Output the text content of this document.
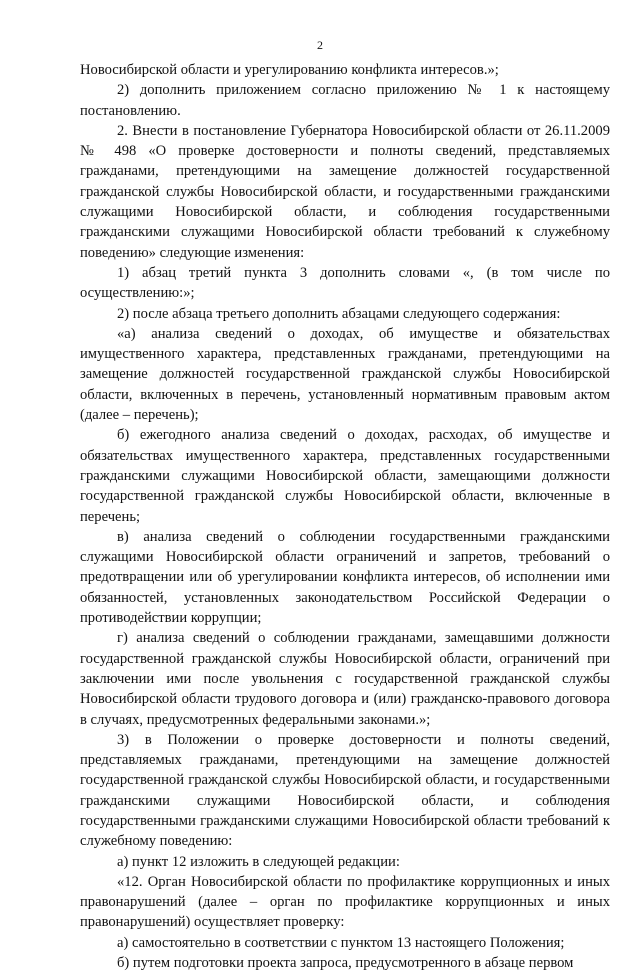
2

Новосибирской области и урегулированию конфликта интересов.»;

2) дополнить приложением согласно приложению № 1 к настоящему постановлению.

2. Внести в постановление Губернатора Новосибирской области от 26.11.2009 № 498 «О проверке достоверности и полноты сведений, представляемых гражданами, претендующими на замещение должностей государственной гражданской службы Новосибирской области, и государственными гражданскими служащими Новосибирской области, и соблюдения государственными гражданскими служащими Новосибирской области требований к служебному поведению» следующие изменения:

1) абзац третий пункта 3 дополнить словами «, (в том числе по осуществлению:»;

2) после абзаца третьего дополнить абзацами следующего содержания:

«а) анализа сведений о доходах, об имуществе и обязательствах имущественного характера, представленных гражданами, претендующими на замещение должностей государственной гражданской службы Новосибирской области, включенных в перечень, установленный нормативным правовым актом (далее – перечень);

б) ежегодного анализа сведений о доходах, расходах, об имуществе и обязательствах имущественного характера, представленных государственными гражданскими служащими Новосибирской области, замещающими должности государственной гражданской службы Новосибирской области, включенные в перечень;

в) анализа сведений о соблюдении государственными гражданскими служащими Новосибирской области ограничений и запретов, требований о предотвращении или об урегулировании конфликта интересов, об исполнении ими обязанностей, установленных законодательством Российской Федерации о противодействии коррупции;

г) анализа сведений о соблюдении гражданами, замещавшими должности государственной гражданской службы Новосибирской области, ограничений при заключении ими после увольнения с государственной гражданской службы Новосибирской области трудового договора и (или) гражданско-правового договора в случаях, предусмотренных федеральными законами.»;

3) в Положении о проверке достоверности и полноты сведений, представляемых гражданами, претендующими на замещение должностей государственной гражданской службы Новосибирской области, и государственными гражданскими служащими Новосибирской области, и соблюдения государственными гражданскими служащими Новосибирской области требований к служебному поведению:

а) пункт 12 изложить в следующей редакции:

«12. Орган Новосибирской области по профилактике коррупционных и иных правонарушений (далее – орган по профилактике коррупционных и иных правонарушений) осуществляет проверку:

а) самостоятельно в соответствии с пунктом 13 настоящего Положения;

б) путем подготовки проекта запроса, предусмотренного в абзаце первом
